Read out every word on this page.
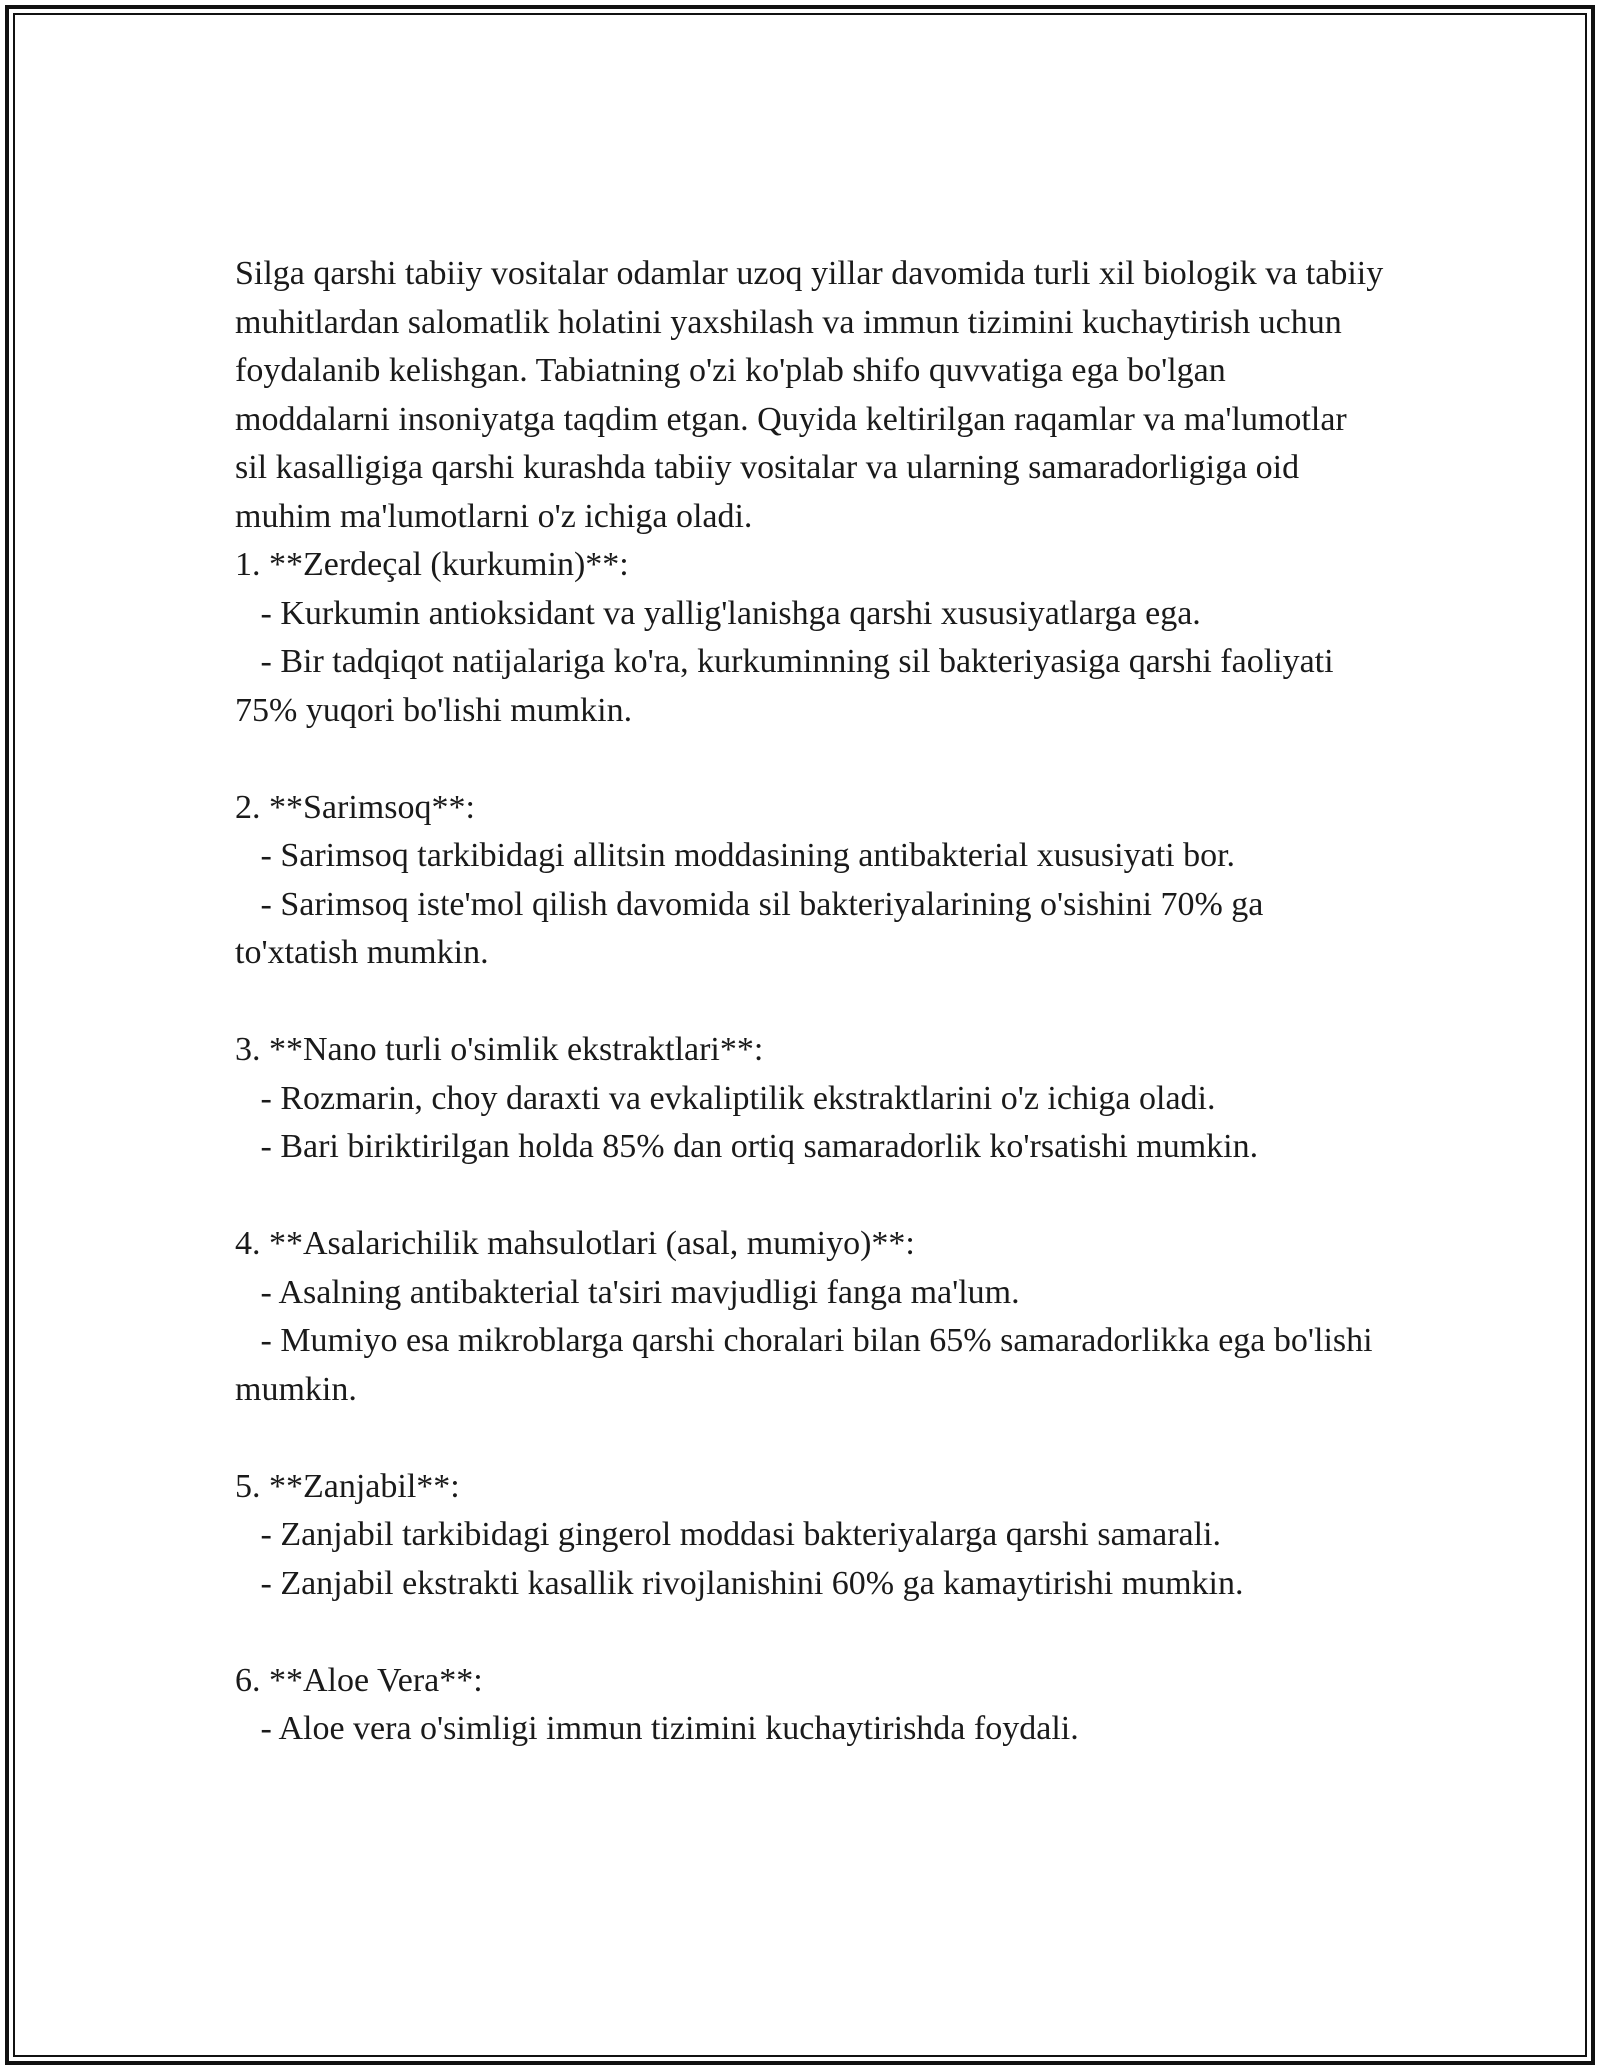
Silga qarshi tabiiy vositalar odamlar uzoq yillar davomida turli xil biologik va tabiiy muhitlardan salomatlik holatini yaxshilash va immun tizimini kuchaytirish uchun foydalanib kelishgan. Tabiatning o'zi ko'plab shifo quvvatiga ega bo'lgan moddalarni insoniyatga taqdim etgan. Quyida keltirilgan raqamlar va ma'lumotlar sil kasalligiga qarshi kurashda tabiiy vositalar va ularning samaradorligiga oid muhim ma'lumotlarni o'z ichiga oladi.

1. **Zerdeçal (kurkumin)**:

- Kurkumin antioksidant va yallig'lanishga qarshi xususiyatlarga ega.

- Bir tadqiqot natijalariga ko'ra, kurkuminning sil bakteriyasiga qarshi faoliyati 75% yuqori bo'lishi mumkin.

2. **Sarimsoq**:

- Sarimsoq tarkibidagi allitsin moddasining antibakterial xususiyati bor.

- Sarimsoq iste'mol qilish davomida sil bakteriyalarining o'sishini 70% ga to'xtatish mumkin.

3. **Nano turli o'simlik ekstraktlari**:

- Rozmarin, choy daraxti va evkaliptilik ekstraktlarini o'z ichiga oladi.

- Bari biriktirilgan holda 85% dan ortiq samaradorlik ko'rsatishi mumkin.

4. **Asalarichilik mahsulotlari (asal, mumiyo)**:

- Asalning antibakterial ta'siri mavjudligi fanga ma'lum.

- Mumiyo esa mikroblarga qarshi choralari bilan 65% samaradorlikka ega bo'lishi mumkin.

5. **Zanjabil**:

- Zanjabil tarkibidagi gingerol moddasi bakteriyalarga qarshi samarali.

- Zanjabil ekstrakti kasallik rivojlanishini 60% ga kamaytirishi mumkin.

6. **Aloe Vera**:

- Aloe vera o'simligi immun tizimini kuchaytirishda foydali.
